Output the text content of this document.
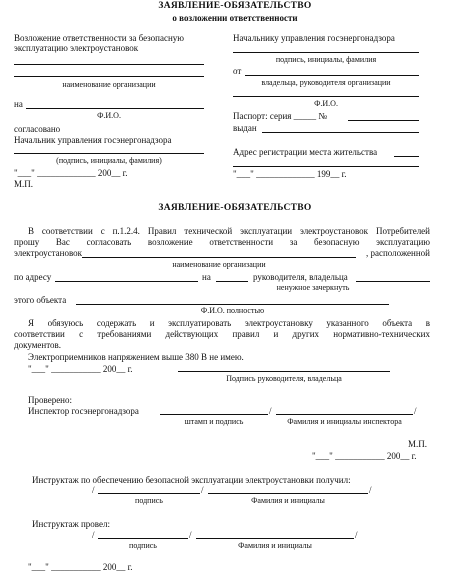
ЗАЯВЛЕНИЕ-ОБЯЗАТЕЛЬСТВО
о возложении ответственности
Возложение ответственности за безопасную
эксплуатацию электроустановок
наименование организации
на
Ф.И.О.
согласовано
Начальник управления госэнергонадзора
(подпись, инициалы, фамилия)
"___" _____________ 200__ г.
М.П.
Начальнику управления госэнергонадзора
подпись, инициалы, фамилия
от
владельца, руководителя организации
Ф.И.О.
Паспорт: серия _____ №
выдан
Адрес регистрации места жительства
"___" _____________ 199__ г.
ЗАЯВЛЕНИЕ-ОБЯЗАТЕЛЬСТВО
В соответствии с п.1.2.4. Правил технической эксплуатации электроустановок Потребителей
прошу Вас согласовать возложение ответственности за безопасную эксплуатацию
электроустановок	, расположенной
наименование организации
по адресу	на	руководителя, владельца
ненужное зачеркнуть
этого объекта
Ф.И.О. полностью
Я обязуюсь содержать и эксплуатировать электроустановку указанного объекта в
соответствии с требованиями действующих правил и других нормативно-технических
документов.
Электроприемников напряжением выше 380 В не имею.
"___" ___________ 200__ г.
Подпись руководителя, владельца
Проверено:
Инспектор госэнергонадзора	/	/
штамп и подпись	Фамилия и инициалы инспектора
М.П.
"___" ___________ 200__ г.
Инструктаж по обеспечению безопасной эксплуатации электроустановки получил:
/	/	/
подпись	Фамилия и инициалы
Инструктаж провел:
/	/	/
подпись	Фамилия и инициалы
"___" ___________ 200__ г.
